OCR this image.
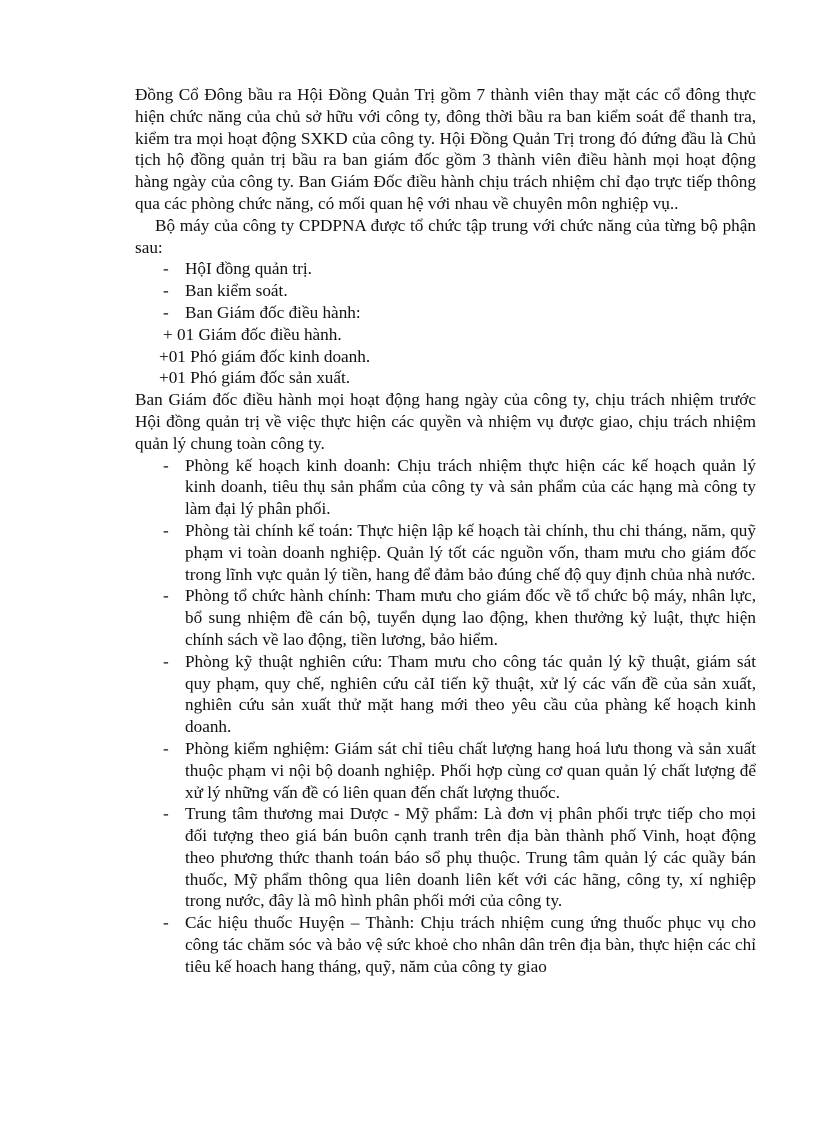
Đồng Cổ Đông bầu ra Hội Đồng Quản Trị gồm 7 thành viên thay mặt các cổ đông thực hiện chức năng của chủ sở hữu với công ty, đông thời bầu ra ban kiểm soát để thanh tra, kiểm tra mọi hoạt động SXKD của công ty. Hội Đồng Quản Trị trong đó đứng đầu là Chủ tịch hộ đồng quản trị bầu ra ban giám đốc gồm 3 thành viên điều hành mọi hoạt động hàng ngày của công ty. Ban Giám Đốc điều hành chịu trách nhiệm chỉ đạo trực tiếp thông qua các phòng chức năng, có mối quan hệ với nhau về chuyên môn nghiệp vụ..

Bộ máy của công ty CPDPNA được tổ chức tập trung với chức năng của từng bộ phận sau:

- HộI đồng quản trị.
- Ban kiểm soát.
- Ban Giám đốc điều hành:

+ 01 Giám đốc điều hành.

+01 Phó giám đốc kinh doanh.

+01 Phó giám đốc sản xuất.

Ban Giám đốc điều hành mọi hoạt động hang ngày của công ty, chịu trách nhiệm trước Hội đồng quản trị về việc thực hiện các quyền và nhiệm vụ được giao, chịu trách nhiệm quản lý chung toàn công ty.

- Phòng kế hoạch kinh doanh: Chịu trách nhiệm thực hiện các kế hoạch quản lý kinh doanh, tiêu thụ sản phẩm của công ty và sản phẩm của các hạng mà công ty làm đại lý phân phối.
- Phòng tài chính kế toán: Thực hiện lập kế hoạch tài chính, thu chi tháng, năm, quỹ phạm vi toàn doanh nghiệp. Quản lý tốt các nguồn vốn, tham mưu cho giám đốc trong lĩnh vực quản lý tiền, hang để đảm bảo đúng chế độ quy định chủa nhà nước.
- Phòng tổ chức hành chính: Tham mưu cho giám đốc về tổ chức bộ máy, nhân lực, bổ sung nhiệm đề cán bộ, tuyển dụng lao động, khen thưởng kỷ luật, thực hiện chính sách về lao động, tiền lương, bảo hiểm.
- Phòng kỹ thuật nghiên cứu: Tham mưu cho công tác quản lý kỹ thuật, giám sát quy phạm, quy chế, nghiên cứu cảI tiến kỹ thuật, xử lý các vấn đề của sản xuất, nghiên cứu sản xuất thử mặt hang mới theo yêu cầu của phàng kế hoạch kinh doanh.
- Phòng kiểm nghiệm: Giám sát chỉ tiêu chất lượng hang hoá lưu thong và sản xuất thuộc phạm vi nội bộ doanh nghiệp. Phối hợp cùng cơ quan quản lý chất lượng để xử lý những vấn đề có liên quan đến chất lượng thuốc.
- Trung tâm thương mai Dược - Mỹ phẩm: Là đơn vị phân phối trực tiếp cho mọi đối tượng theo giá bán buôn cạnh tranh trên địa bàn thành phố Vinh, hoạt động theo phương thức thanh toán báo sổ phụ thuộc. Trung tâm quản lý các quầy bán thuốc, Mỹ phẩm thông qua liên doanh liên kết với các hãng, công ty, xí nghiệp trong nước, đây là mô hình phân phối mới của công ty.
- Các hiệu thuốc Huyện – Thành: Chịu trách nhiệm cung ứng thuốc phục vụ cho công tác chăm sóc và bảo vệ sức khoẻ cho nhân dân trên địa bàn, thực hiện các chỉ tiêu kế hoach hang tháng, quỹ, năm của công ty giao
